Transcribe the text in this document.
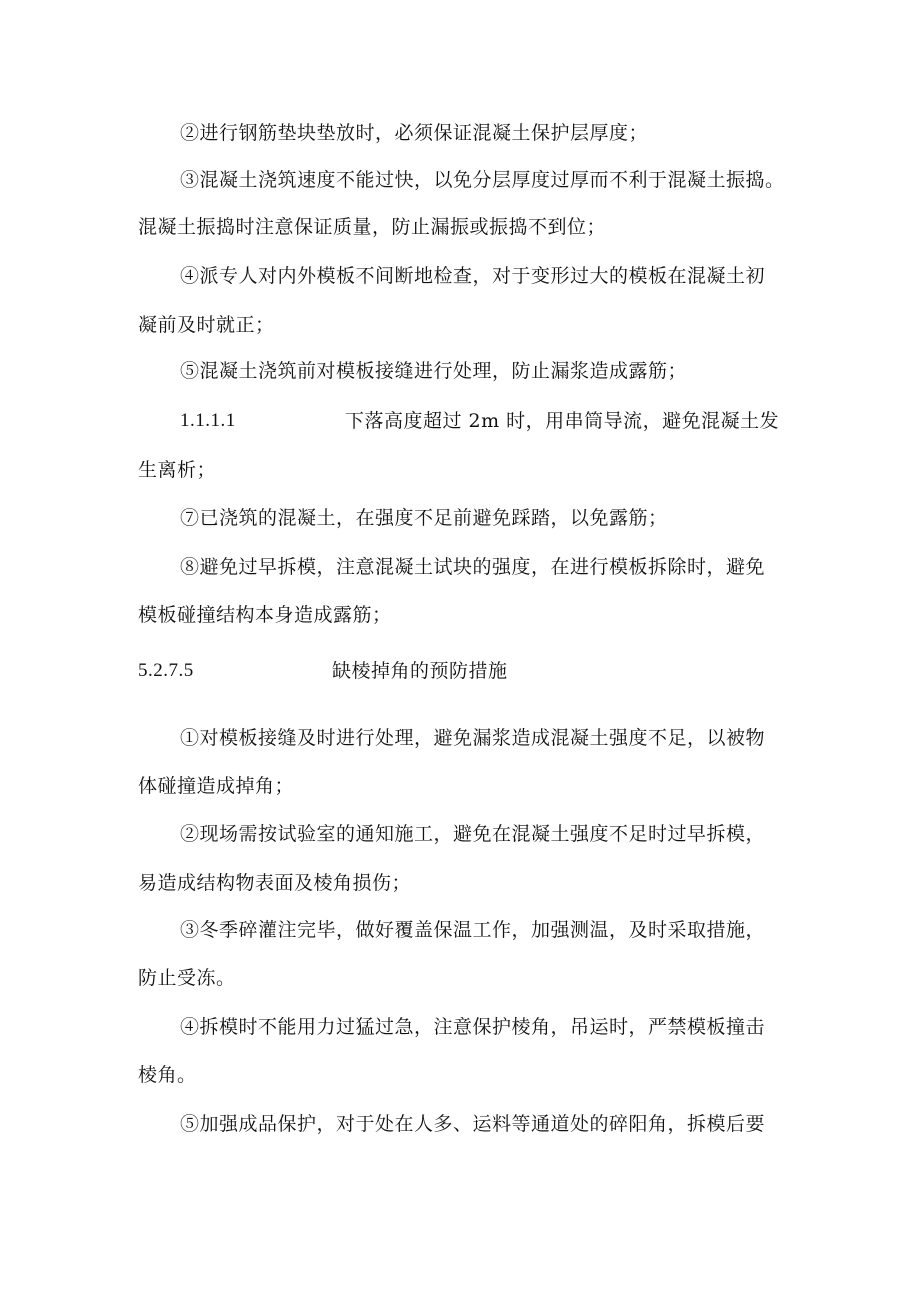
②进行钢筋垫块垫放时，必须保证混凝土保护层厚度；
③混凝土浇筑速度不能过快，以免分层厚度过厚而不利于混凝土振捣。
混凝土振捣时注意保证质量，防止漏振或振捣不到位；
④派专人对内外模板不间断地检查，对于变形过大的模板在混凝土初
凝前及时就正；
⑤混凝土浇筑前对模板接缝进行处理，防止漏浆造成露筋；
1.1.1.1	下落高度超过 2m 时，用串筒导流，避免混凝土发
生离析；
⑦已浇筑的混凝土，在强度不足前避免踩踏，以免露筋；
⑧避免过早拆模，注意混凝土试块的强度，在进行模板拆除时，避免
模板碰撞结构本身造成露筋；
5.2.7.5	缺棱掉角的预防措施
①对模板接缝及时进行处理，避免漏浆造成混凝土强度不足，以被物
体碰撞造成掉角；
②现场需按试验室的通知施工，避免在混凝土强度不足时过早拆模，
易造成结构物表面及棱角损伤；
③冬季碎灌注完毕，做好覆盖保温工作，加强测温，及时采取措施，
防止受冻。
④拆模时不能用力过猛过急，注意保护棱角，吊运时，严禁模板撞击
棱角。
⑤加强成品保护，对于处在人多、运料等通道处的碎阳角，拆模后要
